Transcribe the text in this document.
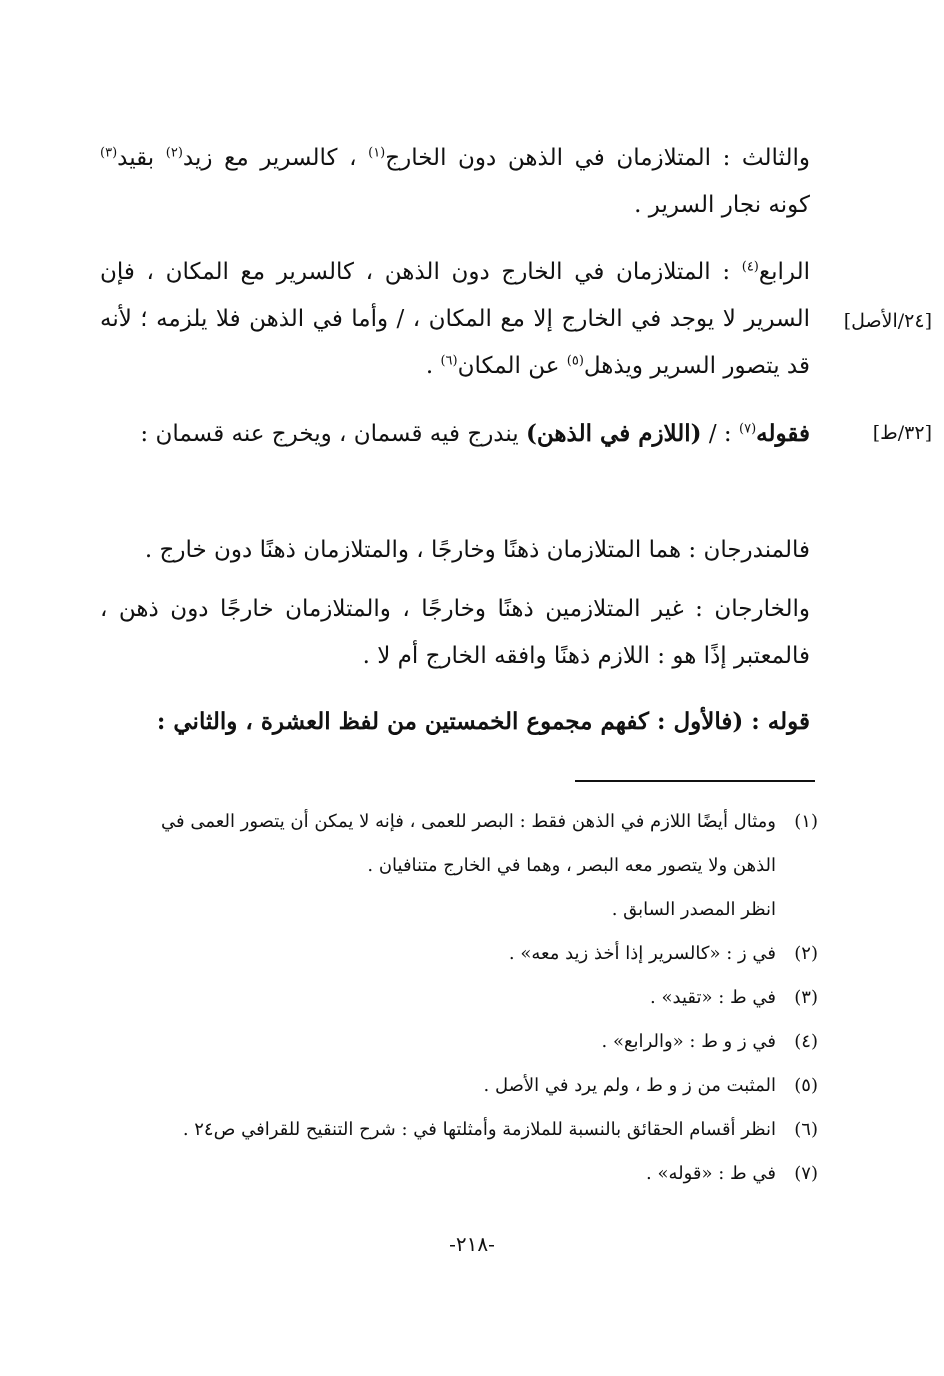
والثالث : المتلازمان في الذهن دون الخارج$^{(١)}$ ، كالسرير مع زيد$^{(٢)}$ بقيد$^{(٣)}$ كونه نجار السرير .
الرابع$^{(٤)}$ : المتلازمان في الخارج دون الذهن ، كالسرير مع المكان ، فإن السرير لا يوجد في الخارج إلا مع المكان ، / وأما في الذهن فلا يلزمه ؛ لأنه قد يتصور السرير ويذهل$^{(٥)}$ عن المكان$^{(٦)}$ .
[٢٤/الأصل]
فقوله$^{(٧)}$ : / (اللازم في الذهن) يندرج فيه قسمان ، ويخرج عنه قسمان :	[٣٢/ط]
فالمندرجان : هما المتلازمان ذهنًا وخارجًا ، والمتلازمان ذهنًا دون خارج .
والخارجان : غير المتلازمين ذهنًا وخارجًا ، والمتلازمان خارجًا دون ذهن ، فالمعتبر إذًا هو : اللازم ذهنًا وافقه الخارج أم لا .
قوله : (فالأول : كفهم مجموع الخمستين من لفظ العشرة ، والثاني :
(١)
ومثال أيضًا اللازم في الذهن فقط : البصر للعمى ، فإنه لا يمكن أن يتصور العمى في
الذهن ولا يتصور معه البصر ، وهما في الخارج متنافيان .
انظر المصدر السابق .
(٢)
في ز : «كالسرير إذا أخذ زيد معه» .
(٣)
في ط : «تقيد» .
(٤)
في ز و ط : «والرابع» .
(٥)
المثبت من ز و ط ، ولم يرد في الأصل .
(٦)
انظر أقسام الحقائق بالنسبة للملازمة وأمثلتها في : شرح التنقيح للقرافي ص٢٤ .
(٧)
في ط : «قوله» .
-٢١٨-
